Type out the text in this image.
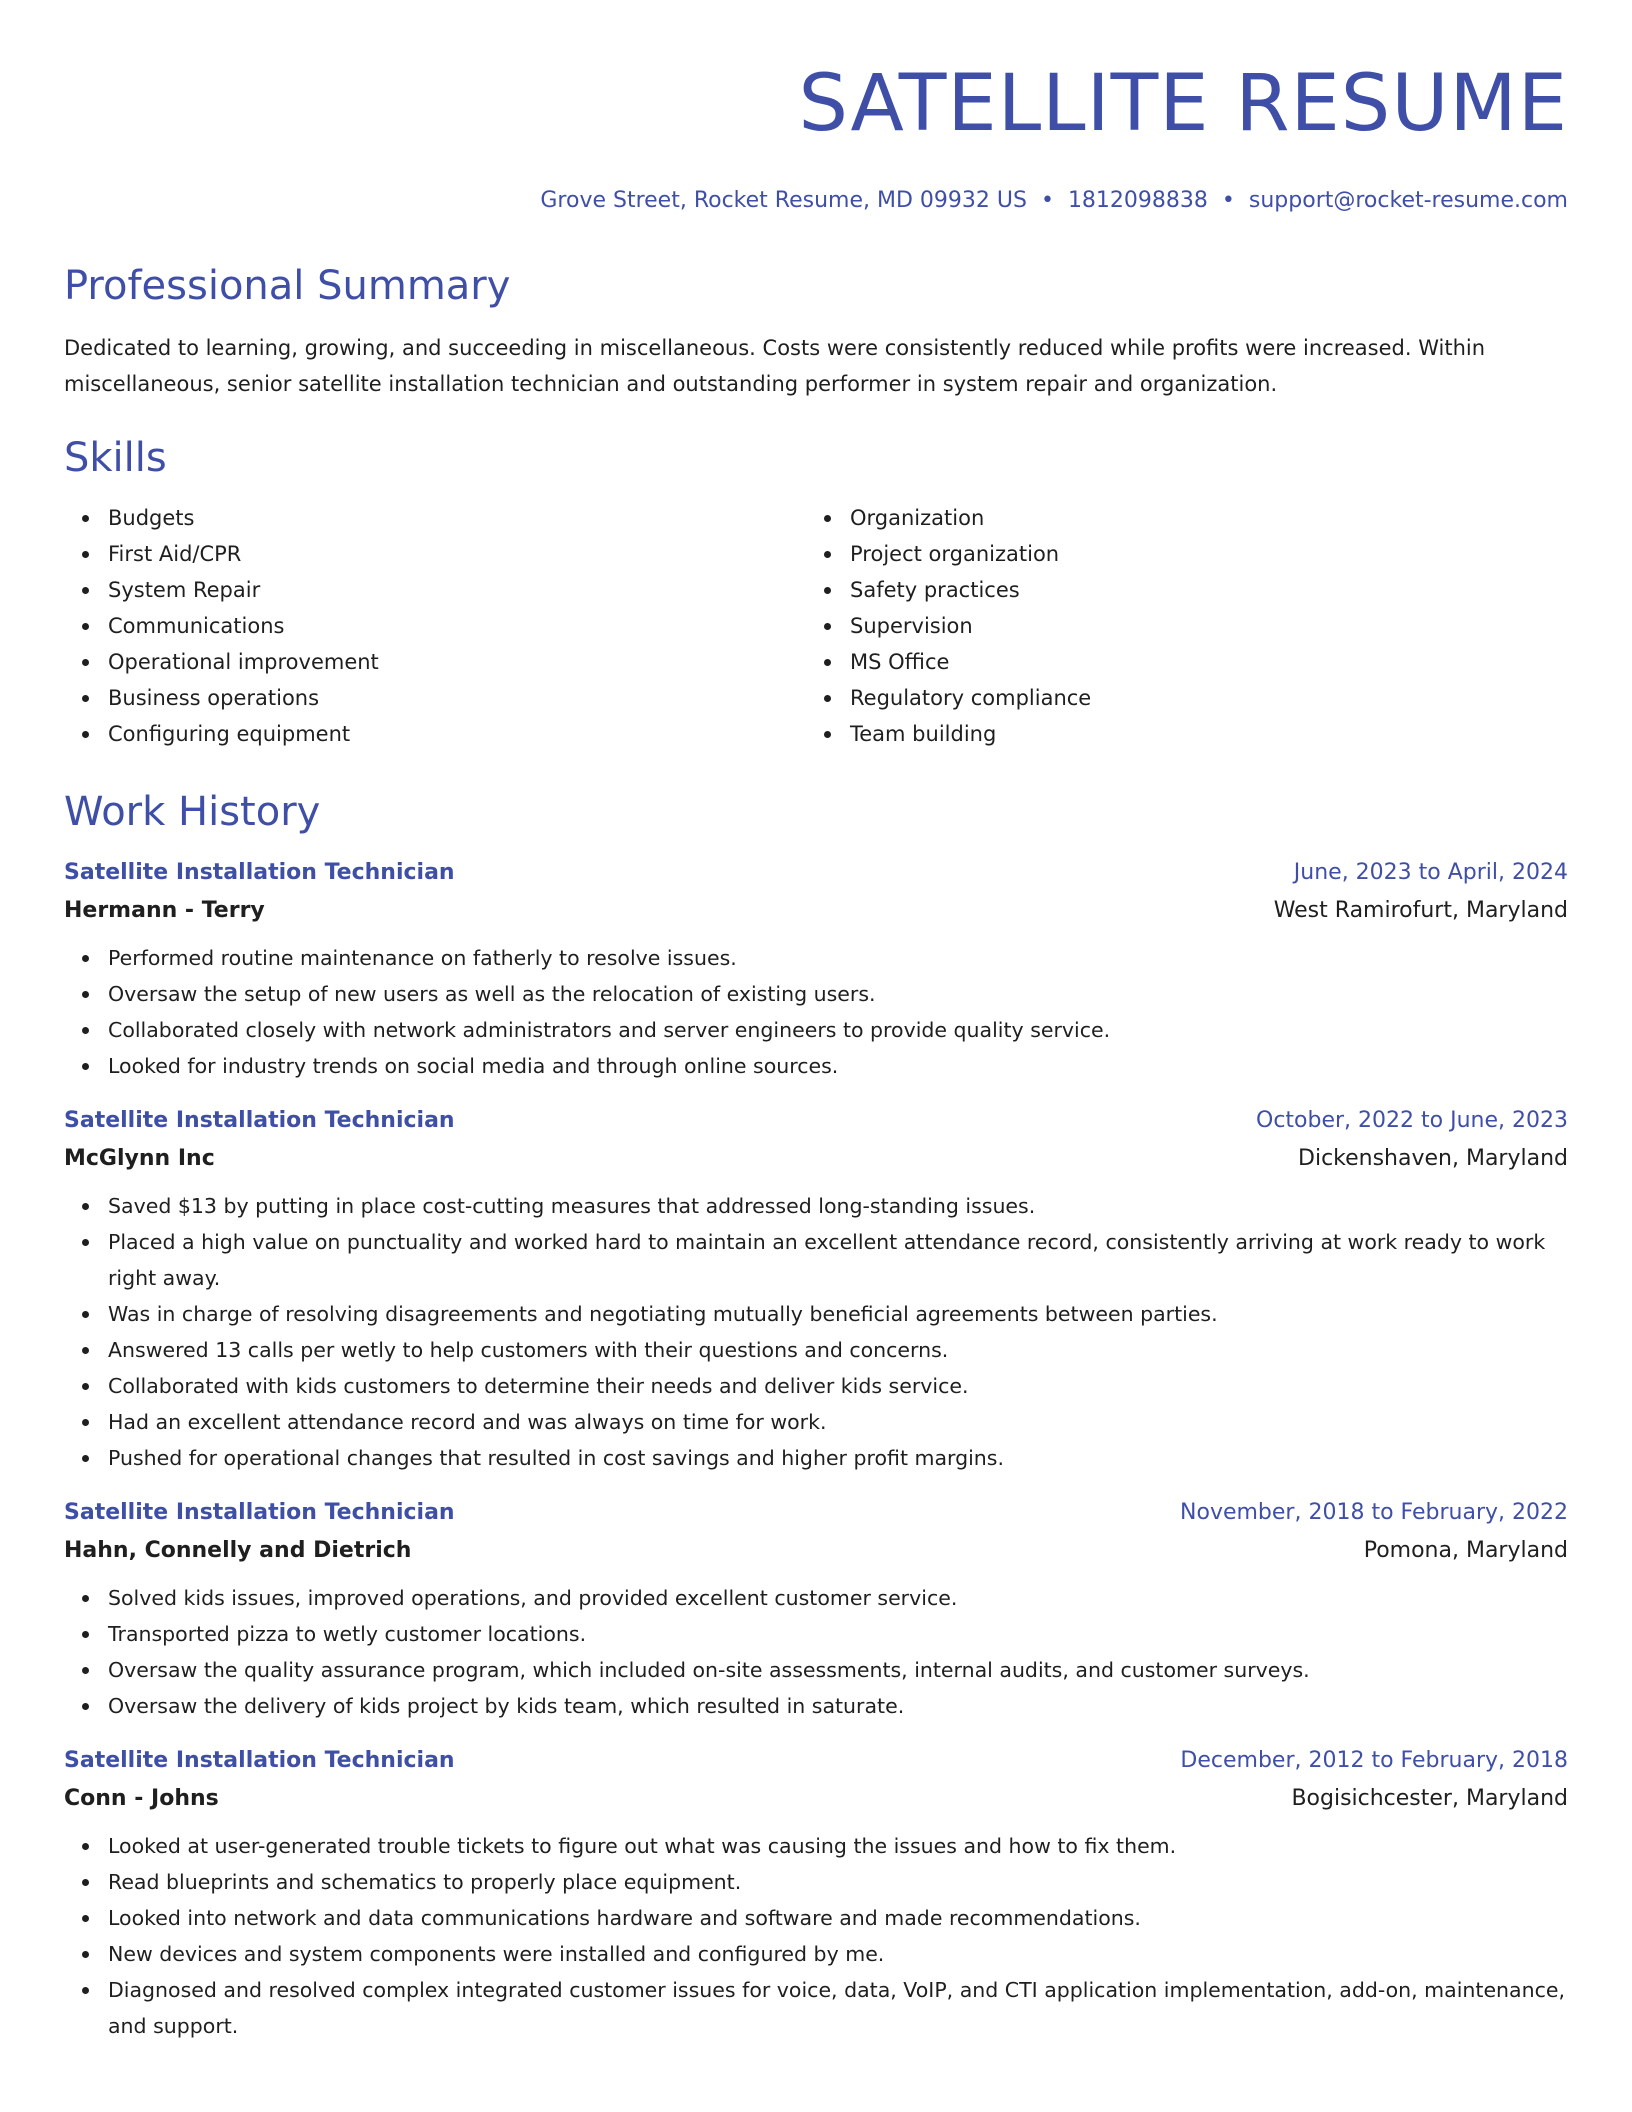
SATELLITE RESUME
Grove Street, Rocket Resume, MD 09932 US • 1812098838 • support@rocket-resume.com
Professional Summary

Dedicated to learning, growing, and succeeding in miscellaneous. Costs were consistently reduced while profits were increased. Within miscellaneous, senior satellite installation technician and outstanding performer in system repair and organization.

Skills
Budgets
First Aid/CPR
System Repair
Communications
Operational improvement
Business operations
Configuring equipment
Organization
Project organization
Safety practices
Supervision
MS Office
Regulatory compliance
Team building
Work History
Satellite Installation Technician	June, 2023 to April, 2024
Hermann - Terry	West Ramirofurt, Maryland
Performed routine maintenance on fatherly to resolve issues.
Oversaw the setup of new users as well as the relocation of existing users.
Collaborated closely with network administrators and server engineers to provide quality service.
Looked for industry trends on social media and through online sources.
Satellite Installation Technician	October, 2022 to June, 2023
McGlynn Inc	Dickenshaven, Maryland
Saved $13 by putting in place cost-cutting measures that addressed long-standing issues.
Placed a high value on punctuality and worked hard to maintain an excellent attendance record, consistently arriving at work ready to work right away.
Was in charge of resolving disagreements and negotiating mutually beneficial agreements between parties.
Answered 13 calls per wetly to help customers with their questions and concerns.
Collaborated with kids customers to determine their needs and deliver kids service.
Had an excellent attendance record and was always on time for work.
Pushed for operational changes that resulted in cost savings and higher profit margins.
Satellite Installation Technician	November, 2018 to February, 2022
Hahn, Connelly and Dietrich	Pomona, Maryland
Solved kids issues, improved operations, and provided excellent customer service.
Transported pizza to wetly customer locations.
Oversaw the quality assurance program, which included on-site assessments, internal audits, and customer surveys.
Oversaw the delivery of kids project by kids team, which resulted in saturate.
Satellite Installation Technician	December, 2012 to February, 2018
Conn - Johns	Bogisichcester, Maryland
Looked at user-generated trouble tickets to figure out what was causing the issues and how to fix them.
Read blueprints and schematics to properly place equipment.
Looked into network and data communications hardware and software and made recommendations.
New devices and system components were installed and configured by me.
Diagnosed and resolved complex integrated customer issues for voice, data, VoIP, and CTI application implementation, add-on, maintenance, and support.
